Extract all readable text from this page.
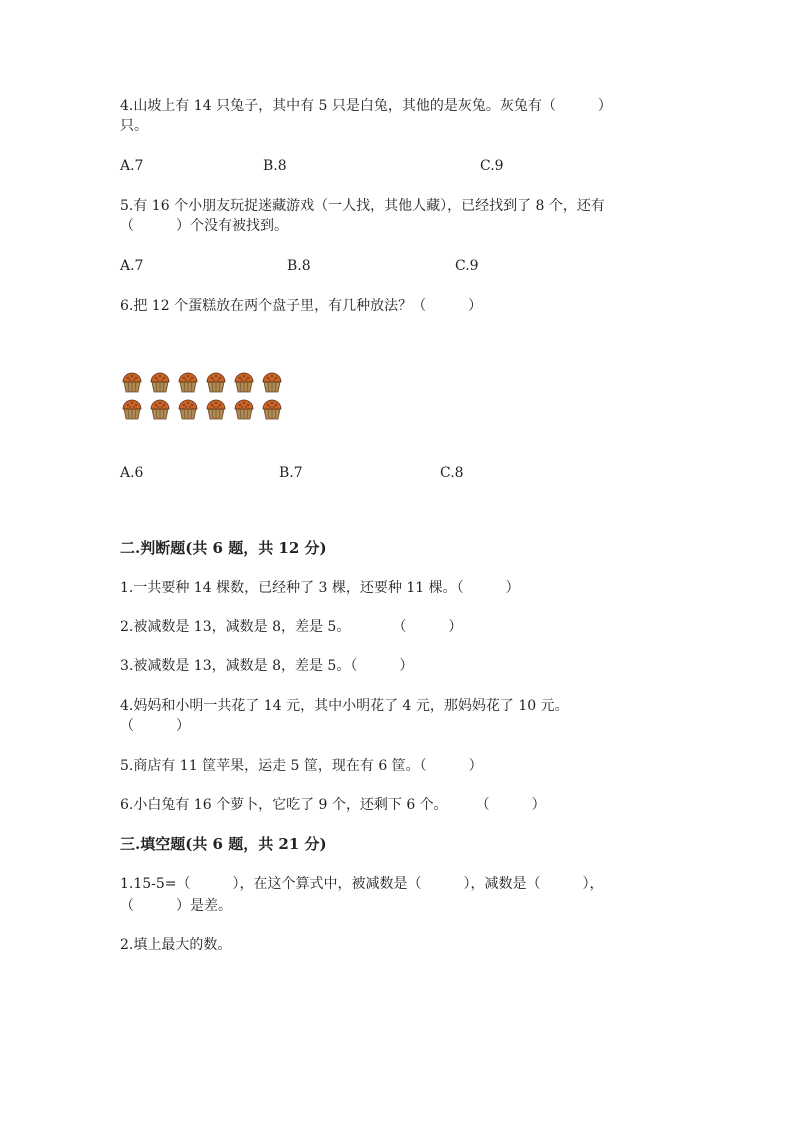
4.山坡上有 14 只兔子，其中有 5 只是白兔，其他的是灰兔。灰兔有（　　　）
只。
A.7	B.8	C.9
5.有 16 个小朋友玩捉迷藏游戏（一人找，其他人藏），已经找到了 8 个，还有
（　　　）个没有被找到。
A.7	B.8	C.9
6.把 12 个蛋糕放在两个盘子里，有几种放法？（　　　）
A.6	B.7	C.8
二.判断题(共 6 题，共 12 分)
1.一共要种 14 棵数，已经种了 3 棵，还要种 11 棵。（　　　）
2.被减数是 13，减数是 8，差是 5。　　　　（　　　）
3.被减数是 13，减数是 8，差是 5。（　　　）
4.妈妈和小明一共花了 14 元，其中小明花了 4 元，那妈妈花了 10 元。
（　　　）
5.商店有 11 筐苹果，运走 5 筐，现在有 6 筐。（　　　）
6.小白兔有 16 个萝卜，它吃了 9 个，还剩下 6 个。　　　（　　　）
三.填空题(共 6 题，共 21 分)
1.15-5=（　　　），在这个算式中，被减数是（　　　），减数是（　　　），
（　　　）是差。
2.填上最大的数。
